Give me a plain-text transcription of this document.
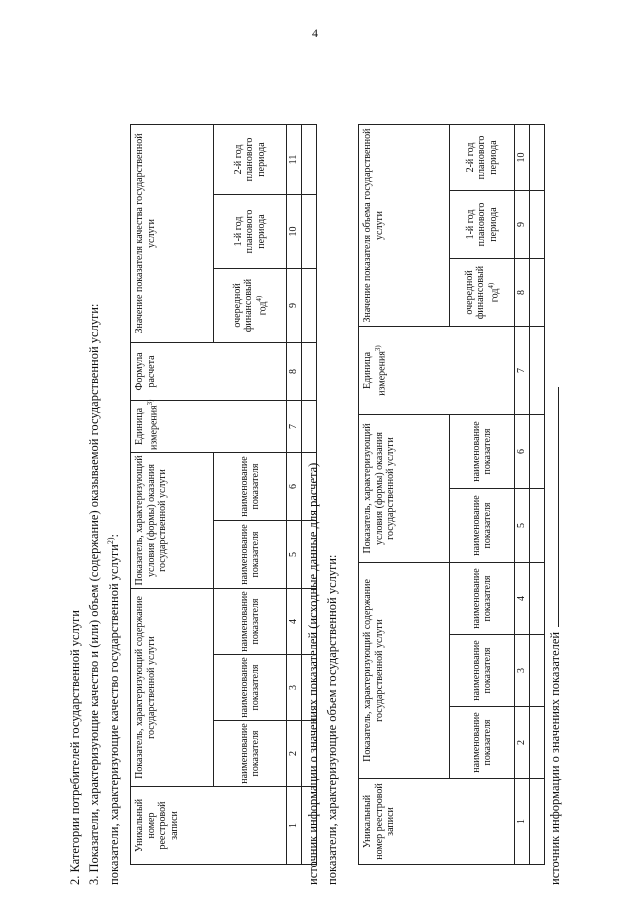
4
2. Категории потребителей государственной услуги 3. Показатели, характеризующие качество и (или) объем (содержание) оказываемой государственной услуги: показатели, характеризующие качество государственной услуги$^{2)}$:
Уникальный номер реестровой записи	Показатель, характеризующий содержание государственной услуги			Показатель, характеризующий условия (формы) оказания государственной услуги		Единица измерения$^{3)}$	Формула расчета	Значение показателя качества государственной услуги		
	наименование показателя	наименование показателя	наименование показателя	наименование показателя	наименование показателя			очередной финансовый год$^{4)}$	1-й год планового периода	2-й год планового периода
1	2	3	4	5	6	7	8	9	10	11

источник информации о значениях показателей (исходные данные для расчета) показатели, характеризующие объем государственной услуги: Уникальный номер реестровой записи	Показатель, характеризующий содержание государственной услуги			Показатель, характеризующий условия (формы) оказания государственной услуги		Единица измерения$^{3)}$	Значение показателя объема государственной услуги		
	наименование показателя	наименование показателя	наименование показателя	наименование показателя	наименование показателя		очередной финансовый год$^{4)}$	1-й год планового периода	2-й год планового периода
1	2	3	4	5	6	7	8	9	10

источник информации о значениях показателей
